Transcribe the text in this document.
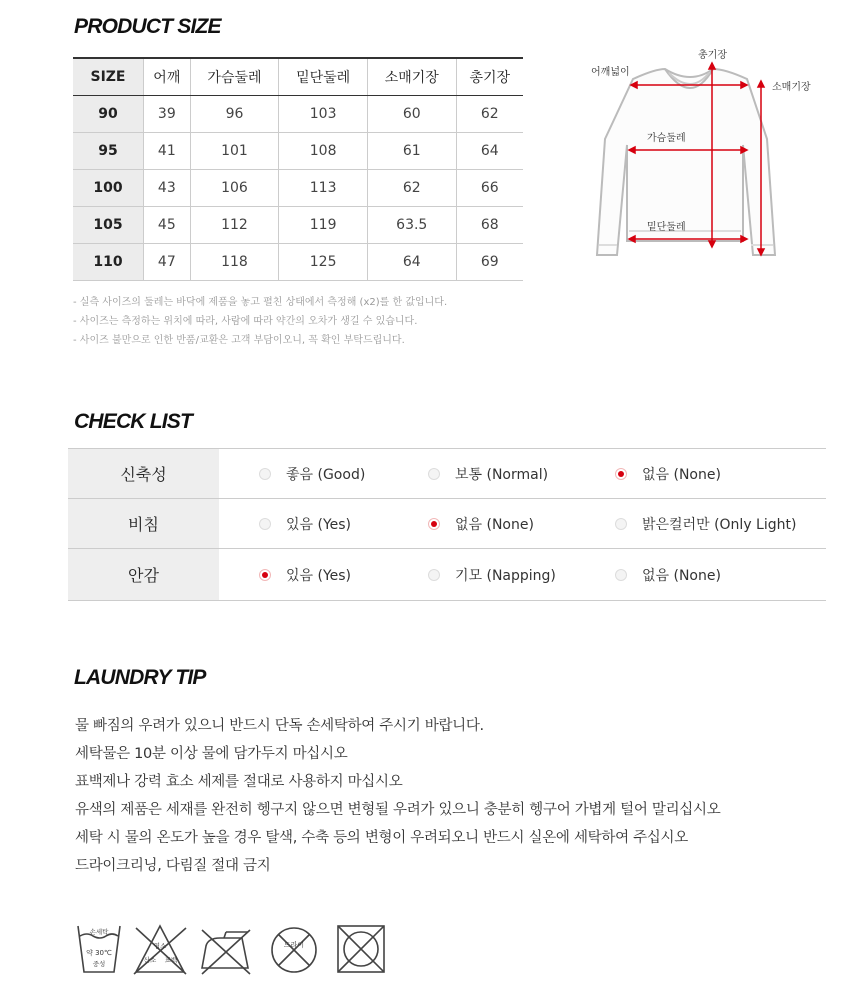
PRODUCT SIZE
SIZE	어깨	가슴둘레	밑단둘레	소매기장	총기장
90	39	96	103	60	62
95	41	101	108	61	64
100	43	106	113	62	66
105	45	112	119	63.5	68
110	47	118	125	64	69
- 실측 사이즈의 둘레는 바닥에 제품을 놓고 펼친 상태에서 측정해 (x2)를 한 값입니다.
- 사이즈는 측정하는 위치에 따라, 사람에 따라 약간의 오차가 생길 수 있습니다.
- 사이즈 불만으로 인한 반품/교환은 고객 부담이오니, 꼭 확인 부탁드립니다.
총기장
어깨넓이
소매기장
가슴둘레
밑단둘레
CHECK LIST
신축성	좋음 (Good)	보통 (Normal)	없음 (None)
비침	있음 (Yes)	없음 (None)	밝은컬러만 (Only Light)
안감	있음 (Yes)	기모 (Napping)	없음 (None)
LAUNDRY TIP
물 빠짐의 우려가 있으니 반드시 단독 손세탁하여 주시기 바랍니다.
세탁물은 10분 이상 물에 담가두지 마십시오
표백제나 강력 효소 세제를 절대로 사용하지 마십시오
유색의 제품은 세재를 완전히 헹구지 않으면 변형될 우려가 있으니 충분히 헹구어 가볍게 털어 말리십시오
세탁 시 물의 온도가 높을 경우 탈색, 수축 등의 변형이 우려되오니 반드시 실온에 세탁하여 주십시오
드라이크리닝, 다림질 절대 금지
손세탁
약 30℃
중성
염소
산소 표백
드라이
